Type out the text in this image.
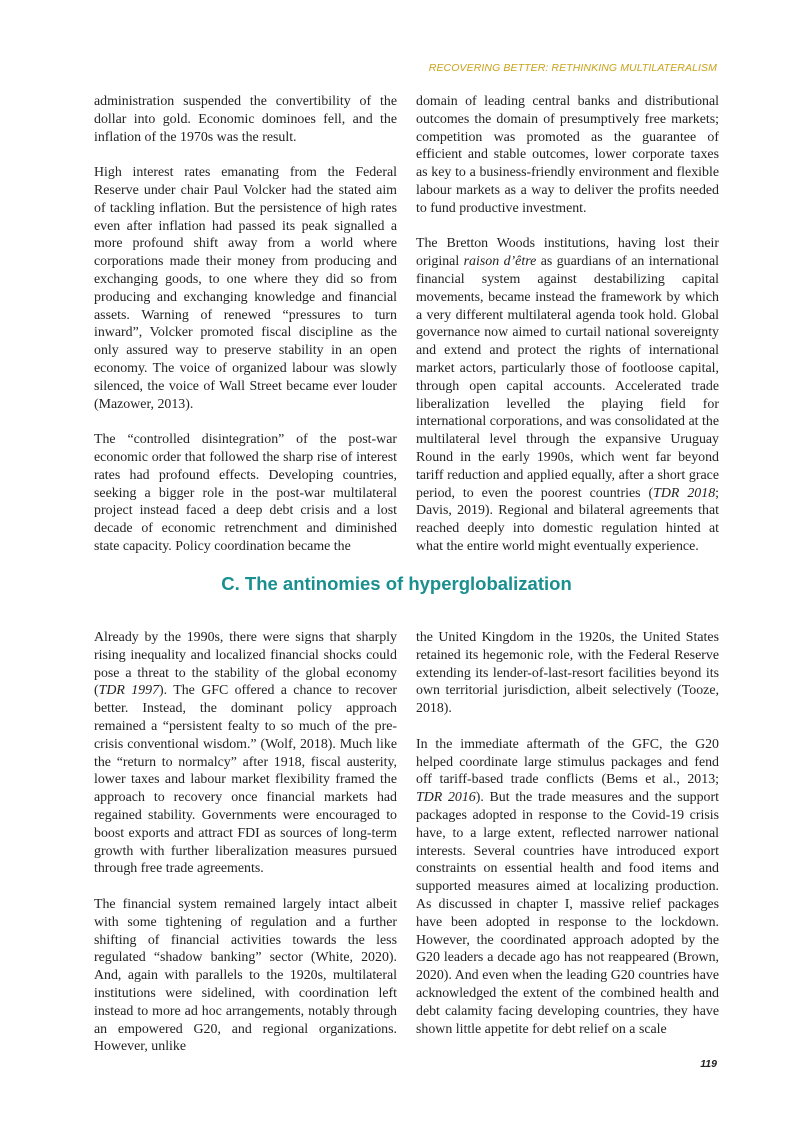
RECOVERING BETTER: RETHINKING MULTILATERALISM

administration suspended the convertibility of the dollar into gold. Economic dominoes fell, and the inflation of the 1970s was the result.

High interest rates emanating from the Federal Reserve under chair Paul Volcker had the stated aim of tackling inflation. But the persistence of high rates even after inflation had passed its peak signalled a more profound shift away from a world where corporations made their money from producing and exchanging goods, to one where they did so from producing and exchanging knowledge and financial assets. Warning of renewed “pressures to turn inward”, Volcker promoted fiscal discipline as the only assured way to preserve stability in an open economy. The voice of organized labour was slowly silenced, the voice of Wall Street became ever louder (Mazower, 2013).

The “controlled disintegration” of the post-war economic order that followed the sharp rise of interest rates had profound effects. Developing countries, seeking a bigger role in the post-war multilateral project instead faced a deep debt crisis and a lost decade of economic retrenchment and diminished state capacity. Policy coordination became the

domain of leading central banks and distributional outcomes the domain of presumptively free markets; competition was promoted as the guarantee of efficient and stable outcomes, lower corporate taxes as key to a business-friendly environment and flexible labour markets as a way to deliver the profits needed to fund productive investment.

The Bretton Woods institutions, having lost their original raison d’être as guardians of an international financial system against destabilizing capital movements, became instead the framework by which a very different multilateral agenda took hold. Global governance now aimed to curtail national sovereignty and extend and protect the rights of international market actors, particularly those of footloose capital, through open capital accounts. Accelerated trade liberalization levelled the playing field for international corporations, and was consolidated at the multilateral level through the expansive Uruguay Round in the early 1990s, which went far beyond tariff reduction and applied equally, after a short grace period, to even the poorest countries (TDR 2018; Davis, 2019). Regional and bilateral agreements that reached deeply into domestic regulation hinted at what the entire world might eventually experience.

C. The antinomies of hyperglobalization

Already by the 1990s, there were signs that sharply rising inequality and localized financial shocks could pose a threat to the stability of the global economy (TDR 1997). The GFC offered a chance to recover better. Instead, the dominant policy approach remained a “persistent fealty to so much of the pre-crisis conventional wisdom.” (Wolf, 2018). Much like the “return to normalcy” after 1918, fiscal austerity, lower taxes and labour market flexibility framed the approach to recovery once financial markets had regained stability. Governments were encouraged to boost exports and attract FDI as sources of long-term growth with further liberalization measures pursued through free trade agreements.

The financial system remained largely intact albeit with some tightening of regulation and a further shifting of financial activities towards the less regulated “shadow banking” sector (White, 2020). And, again with parallels to the 1920s, multilateral institutions were sidelined, with coordination left instead to more ad hoc arrangements, notably through an empowered G20, and regional organizations. However, unlike

the United Kingdom in the 1920s, the United States retained its hegemonic role, with the Federal Reserve extending its lender-of-last-resort facilities beyond its own territorial jurisdiction, albeit selectively (Tooze, 2018).

In the immediate aftermath of the GFC, the G20 helped coordinate large stimulus packages and fend off tariff-based trade conflicts (Bems et al., 2013; TDR 2016). But the trade measures and the support packages adopted in response to the Covid-19 crisis have, to a large extent, reflected narrower national interests. Several countries have introduced export constraints on essential health and food items and supported measures aimed at localizing production. As discussed in chapter I, massive relief packages have been adopted in response to the lockdown. However, the coordinated approach adopted by the G20 leaders a decade ago has not reappeared (Brown, 2020). And even when the leading G20 countries have acknowledged the extent of the combined health and debt calamity facing developing countries, they have shown little appetite for debt relief on a scale

119
